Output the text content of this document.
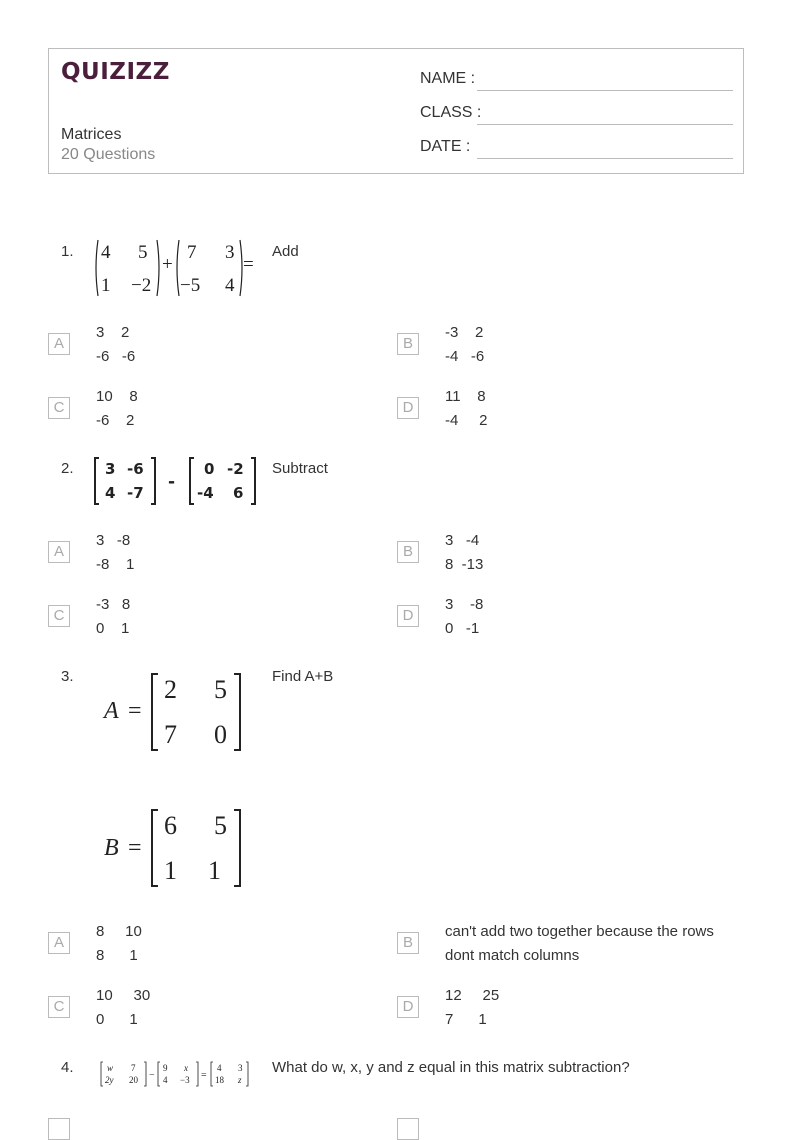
QUIZIZZ
Matrices
20 Questions
NAME :
CLASS :
DATE :
1. 4 5
1 −2
+
7 3
−5 4
=
Add
A
3    2
-6   -6
B
-3    2
-4   -6
C
10    8
-6    2
D
11    8
-4     2
2. 3 -6
4 -7
-
0 -2
-4 6
Subtract
A
3   -8
-8    1
B
3   -4
8  -13
C
-3   8
0    1
D
3    -8
0   -1
3.
A =
2 5
7 0
B =
6 5
1 1
Find A+B
A
8     10
8      1
B
can't add two together because the rows
dont match columns
C
10     30
0      1
D
12     25
7      1
4.	w 7
2y 20 −
9 x
4 −3 =
4 3
18 z
What do w, x, y and z equal in this matrix subtraction?
